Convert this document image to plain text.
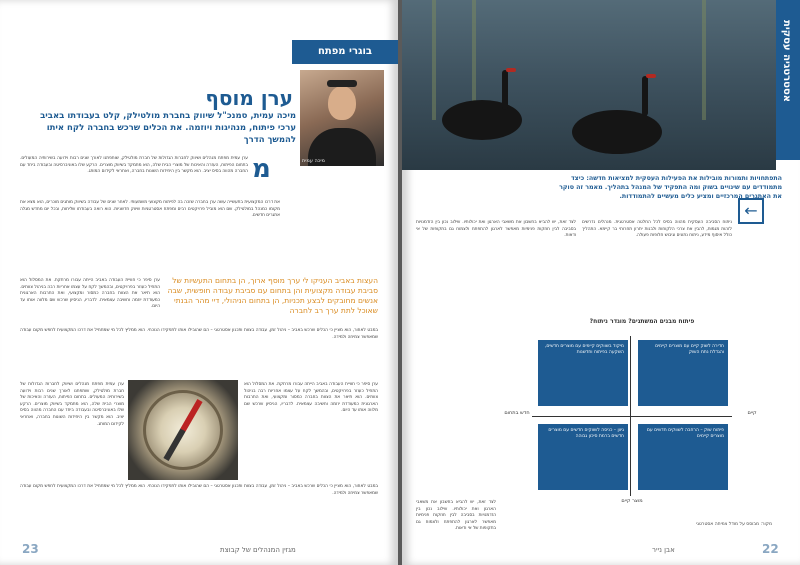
בוגרי מפתח
מיכה עמית
ערן מוסף
מיכה עמית, סמנכ"ל שיווק בחברת מולטילק, קלט בעבודתו באביב ערכי פיתוח, מנהיגות ויוזמה. את הכלים שרכש בחברה לקח איתו להמשך הדרך
מ
ערן עמית מפתח מנהלים ושיווק לחברות הגדולות של חברת מולטילק, שותפתנו לאורך שנים רבות וידועה בשירותיה המעולים. בתחום הפיתוח, העזרה והאיכות של מוצרי הבית שלה, הוא מתמקד בשיווק מוצרים. הרקע שלו באוניברסיטה ובעבודה ביחד עם החברה מהווה בסיס יציב. הוא מקשר בין היחידות השונות בחברה, ואחראי לקידום המותג.
את דרכו המקצועית בתעשייה עשה ערן בחברה שזכה בה לפיתוח מקצועי משמעותי. לאחר שנים של עבודה בשיווק מותגים מוכרים, הוא מצא את מקומו כמנהל במולטילק. שם הוא מוביל פרויקטים רבים ומפתח אסטרטגיות שיווק חדשניות. הוא רואה בעבודתו שליחות, ובכל יום מחדש מגלה אתגרים חדשים.
ערן סיפר כי חוויית העבודה באביב הייתה עבורו מרתקת. את המסלול הוא התחיל כעוזר בפרויקטים, ובהמשך לקח על עצמו אחריות רבה בניהול צוותים. הוא תיאר את הצוות בחברה כמסור ומקצועי, ואת התרבות הארגונית כמעודדת יוזמה וחשיבה עצמאית. לדבריו, הניסיון שרכש שם מלווה אותו עד היום.
העצות באביב העניקו לי ערך מוסף ארוך, הן בתחום התעשיות של סביבת עבודה מקצועית והן בתחום עם סביבת עבודה חופשית, שבה אנשים מחובקים לבצע תכניות, הן בתחום הניהולי, דיי מהר הבנתי שאוכל לתת ערך רב לחברה
במבט לאחור, הוא מציין כי הכלים שרכש באביב – ניהול זמן, עבודה בצוות ותכנון אסטרטגי – הם שהובילו אותו לתפקידו הנוכחי. הוא ממליץ לכל מי שמתחיל את דרכו המקצועית לחפש מקום עבודה שמאפשר צמיחה ולמידה.
ערן סיפר כי חוויית העבודה באביב הייתה עבורו מרתקת. את המסלול הוא התחיל כעוזר בפרויקטים, ובהמשך לקח על עצמו אחריות רבה בניהול צוותים. הוא תיאר את הצוות בחברה כמסור ומקצועי, ואת התרבות הארגונית כמעודדת יוזמה וחשיבה עצמאית. לדבריו, הניסיון שרכש שם מלווה אותו עד היום.
ערן עמית מפתח מנהלים ושיווק לחברות הגדולות של חברת מולטילק, שותפתנו לאורך שנים רבות וידועה בשירותיה המעולים. בתחום הפיתוח, העזרה והאיכות של מוצרי הבית שלה, הוא מתמקד בשיווק מוצרים. הרקע שלו באוניברסיטה ובעבודה ביחד עם החברה מהווה בסיס יציב. הוא מקשר בין היחידות השונות בחברה, ואחראי לקידום המותג.
במבט לאחור, הוא מציין כי הכלים שרכש באביב – ניהול זמן, עבודה בצוות ותכנון אסטרטגי – הם שהובילו אותו לתפקידו הנוכחי. הוא ממליץ לכל מי שמתחיל את דרכו המקצועית לחפש מקום עבודה שמאפשר צמיחה ולמידה.
23	מגזין המנהלים של קבוצת
אסטרטגיה עסקית
התפתחויות ותמורות מובילות את הפעילות העסקית למציאות חדשה: כיצד מתמודדים עם שינויים בשוק ומה התפקיד של המנהל בתהליך. מאמר זה סוקר את האתגרים המרכזיים ומציע כלים מעשיים להתמודדות.
←
ניתוח הסביבה העסקית מהווה בסיס לכל החלטה אסטרטגית. מנהלים נדרשים לזהות מגמות, להבין את צרכי הלקוחות ולבנות יתרון תחרותי בר קיימא. התהליך כולל איסוף מידע, ניתוח נתונים וגיבוש חלופות פעולה.
לצד זאת, יש להביא בחשבון את משאבי הארגון ואת יכולותיו. שילוב נכון בין הזדמנויות בסביבה לבין חוזקות פנימיות מאפשר לארגון להתפתח ולצמוח גם בתקופות של אי ודאות.
פיתוח מבנים המשתנים? מוגדר ניתוח?
מיקוד בשווקים קיימים עם מוצרים חדשים, השקעה בפיתוח וחדשנות
חדירה לשוק קיים עם מוצרים קיימים והגדלת נתח השוק
גיוון – כניסה לשווקים חדשים עם מוצרים חדשים ברמת סיכון גבוהה
פיתוח שוק – הרחבה לשווקים חדשים עם מוצרים קיימים
חדש בתחום	קיים
מוצר קיים
לצד זאת, יש להביא בחשבון את משאבי הארגון ואת יכולותיו. שילוב נכון בין הזדמנויות בסביבה לבין חוזקות פנימיות מאפשר לארגון להתפתח ולצמוח גם בתקופות של אי ודאות.
מקור: מבוסס על מודל צמיחה אסטרטגי
22
אבן נייר
